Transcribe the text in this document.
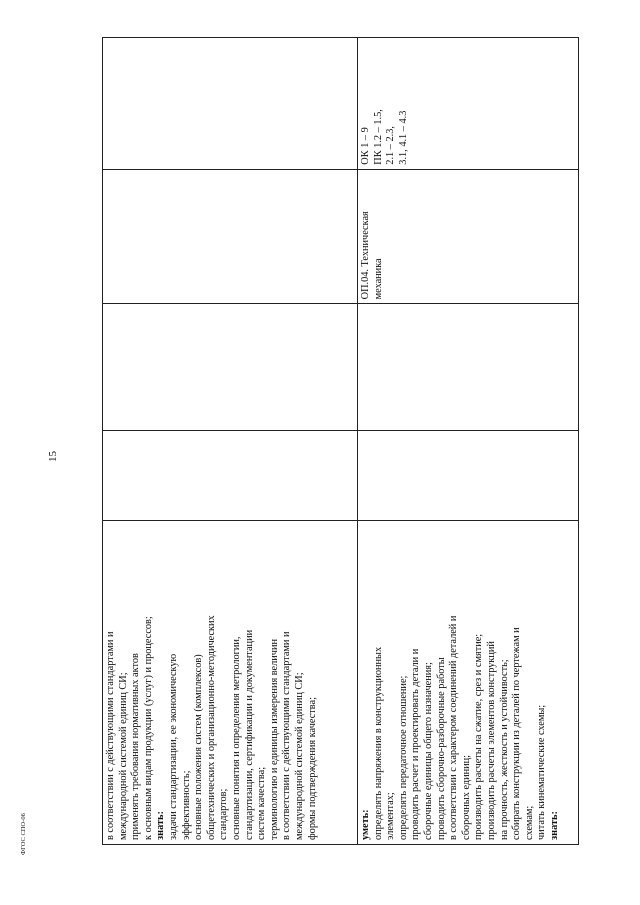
15
ФГОС СПО-06	в соответствии с действующими стандартами и международной системой единиц СИ; применять требования нормативных актов к основным видам продукции (услуг) и процессов; знать: задачи стандартизации, ее экономическую эффективность; основные положения систем (комплексов) общетехнических и организационно-методических стандартов; основные понятия и определения метрологии, стандартизации, сертификации и документации систем качества; терминологию и единицы измерения величин в соответствии с действующими стандартами и международной системой единиц СИ; формы подтверждения качества;	уметь: определять напряжения в конструкционных элементах; определять передаточное отношение; проводить расчет и проектировать детали и сборочные единицы общего назначения; проводить сборочно-разборочные работы в соответствии с характером соединений деталей и сборочных единиц; производить расчеты на сжатие, срез и смятие; производить расчеты элементов конструкций на прочность, жесткость и устойчивость; собирать конструкции из деталей по чертежам и схемам; читать кинематические схемы; знать:
ОП.04. Техническая механика
ОК 1 – 9 ПК 1.2 – 1.5, 2.1 – 2.3, 3.1, 4.1 – 4.3
